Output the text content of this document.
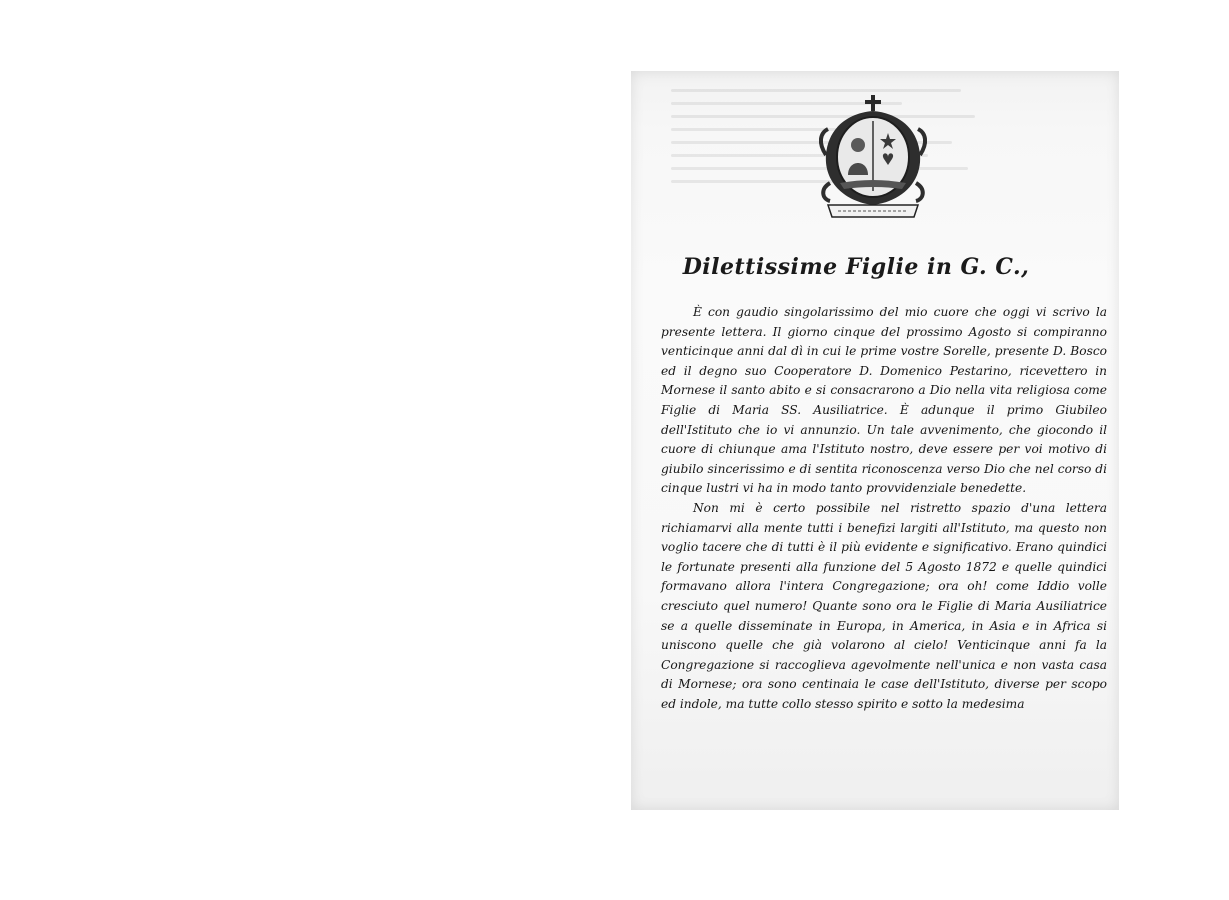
Dilettissime Figlie in G. C.,

È con gaudio singolarissimo del mio cuore che oggi vi scrivo la presente lettera. Il giorno cinque del prossimo Agosto si compiranno venticinque anni dal dì in cui le prime vostre Sorelle, presente D. Bosco ed il degno suo Cooperatore D. Domenico Pestarino, ricevettero in Mornese il santo abito e si consacrarono a Dio nella vita religiosa come Figlie di Maria SS. Ausiliatrice. È adunque il primo Giubileo dell'Istituto che io vi annunzio. Un tale avvenimento, che giocondo il cuore di chiunque ama l'Istituto nostro, deve essere per voi motivo di giubilo sincerissimo e di sentita riconoscenza verso Dio che nel corso di cinque lustri vi ha in modo tanto provvidenziale benedette.

Non mi è certo possibile nel ristretto spazio d'una lettera richiamarvi alla mente tutti i benefizi largiti all'Istituto, ma questo non voglio tacere che di tutti è il più evidente e significativo. Erano quindici le fortunate presenti alla funzione del 5 Agosto 1872 e quelle quindici formavano allora l'intera Congregazione; ora oh! come Iddio volle cresciuto quel numero! Quante sono ora le Figlie di Maria Ausiliatrice se a quelle disseminate in Europa, in America, in Asia e in Africa si uniscono quelle che già volarono al cielo! Venticinque anni fa la Congregazione si raccoglieva agevolmente nell'unica e non vasta casa di Mornese; ora sono centinaia le case dell'Istituto, diverse per scopo ed indole, ma tutte collo stesso spirito e sotto la medesima
